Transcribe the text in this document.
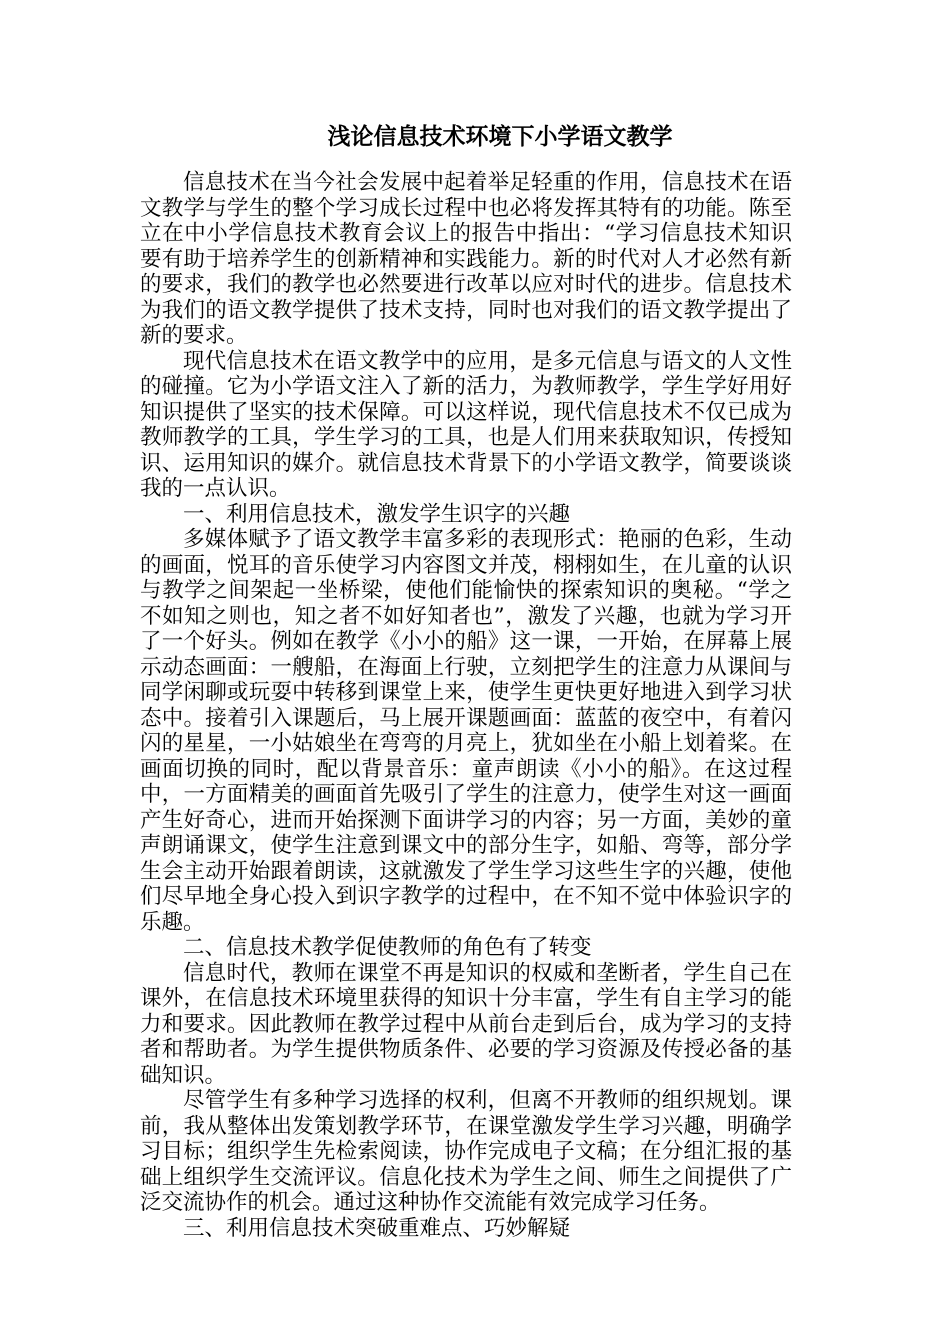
浅论信息技术环境下小学语文教学

信息技术在当今社会发展中起着举足轻重的作用，信息技术在语文教学与学生的整个学习成长过程中也必将发挥其特有的功能。陈至立在中小学信息技术教育会议上的报告中指出：“学习信息技术知识要有助于培养学生的创新精神和实践能力。新的时代对人才必然有新的要求，我们的教学也必然要进行改革以应对时代的进步。信息技术为我们的语文教学提供了技术支持，同时也对我们的语文教学提出了新的要求。

现代信息技术在语文教学中的应用，是多元信息与语文的人文性的碰撞。它为小学语文注入了新的活力，为教师教学，学生学好用好知识提供了坚实的技术保障。可以这样说，现代信息技术不仅已成为教师教学的工具，学生学习的工具，也是人们用来获取知识，传授知识、运用知识的媒介。就信息技术背景下的小学语文教学，简要谈谈我的一点认识。

一、利用信息技术，激发学生识字的兴趣

多媒体赋予了语文教学丰富多彩的表现形式：艳丽的色彩，生动的画面，悦耳的音乐使学习内容图文并茂，栩栩如生，在儿童的认识与教学之间架起一坐桥梁，使他们能愉快的探索知识的奥秘。“学之不如知之则也，知之者不如好知者也”，激发了兴趣，也就为学习开了一个好头。例如在教学《小小的船》这一课，一开始，在屏幕上展示动态画面：一艘船，在海面上行驶，立刻把学生的注意力从课间与同学闲聊或玩耍中转移到课堂上来，使学生更快更好地进入到学习状态中。接着引入课题后，马上展开课题画面：蓝蓝的夜空中，有着闪闪的星星，一小姑娘坐在弯弯的月亮上，犹如坐在小船上划着桨。在画面切换的同时，配以背景音乐：童声朗读《小小的船》。在这过程中，一方面精美的画面首先吸引了学生的注意力，使学生对这一画面产生好奇心，进而开始探测下面讲学习的内容；另一方面，美妙的童声朗诵课文，使学生注意到课文中的部分生字，如船、弯等，部分学生会主动开始跟着朗读，这就激发了学生学习这些生字的兴趣，使他们尽早地全身心投入到识字教学的过程中，在不知不觉中体验识字的乐趣。

二、信息技术教学促使教师的角色有了转变

信息时代，教师在课堂不再是知识的权威和垄断者，学生自己在课外，在信息技术环境里获得的知识十分丰富，学生有自主学习的能力和要求。因此教师在教学过程中从前台走到后台，成为学习的支持者和帮助者。为学生提供物质条件、必要的学习资源及传授必备的基础知识。

尽管学生有多种学习选择的权利，但离不开教师的组织规划。课前，我从整体出发策划教学环节，在课堂激发学生学习兴趣，明确学习目标；组织学生先检索阅读，协作完成电子文稿；在分组汇报的基础上组织学生交流评议。信息化技术为学生之间、师生之间提供了广泛交流协作的机会。通过这种协作交流能有效完成学习任务。

三、利用信息技术突破重难点、巧妙解疑
